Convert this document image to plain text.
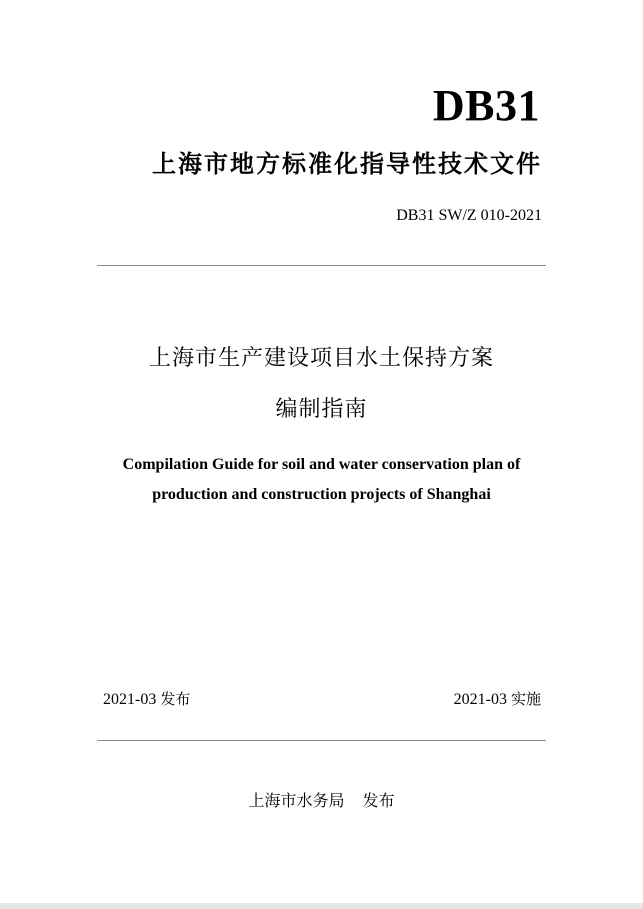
DB31
上海市地方标准化指导性技术文件
DB31 SW/Z 010-2021
上海市生产建设项目水土保持方案
编制指南
Compilation Guide for soil and water conservation plan of
production and construction projects of Shanghai
2021-03 发布	2021-03 实施
上海市水务局 发布
